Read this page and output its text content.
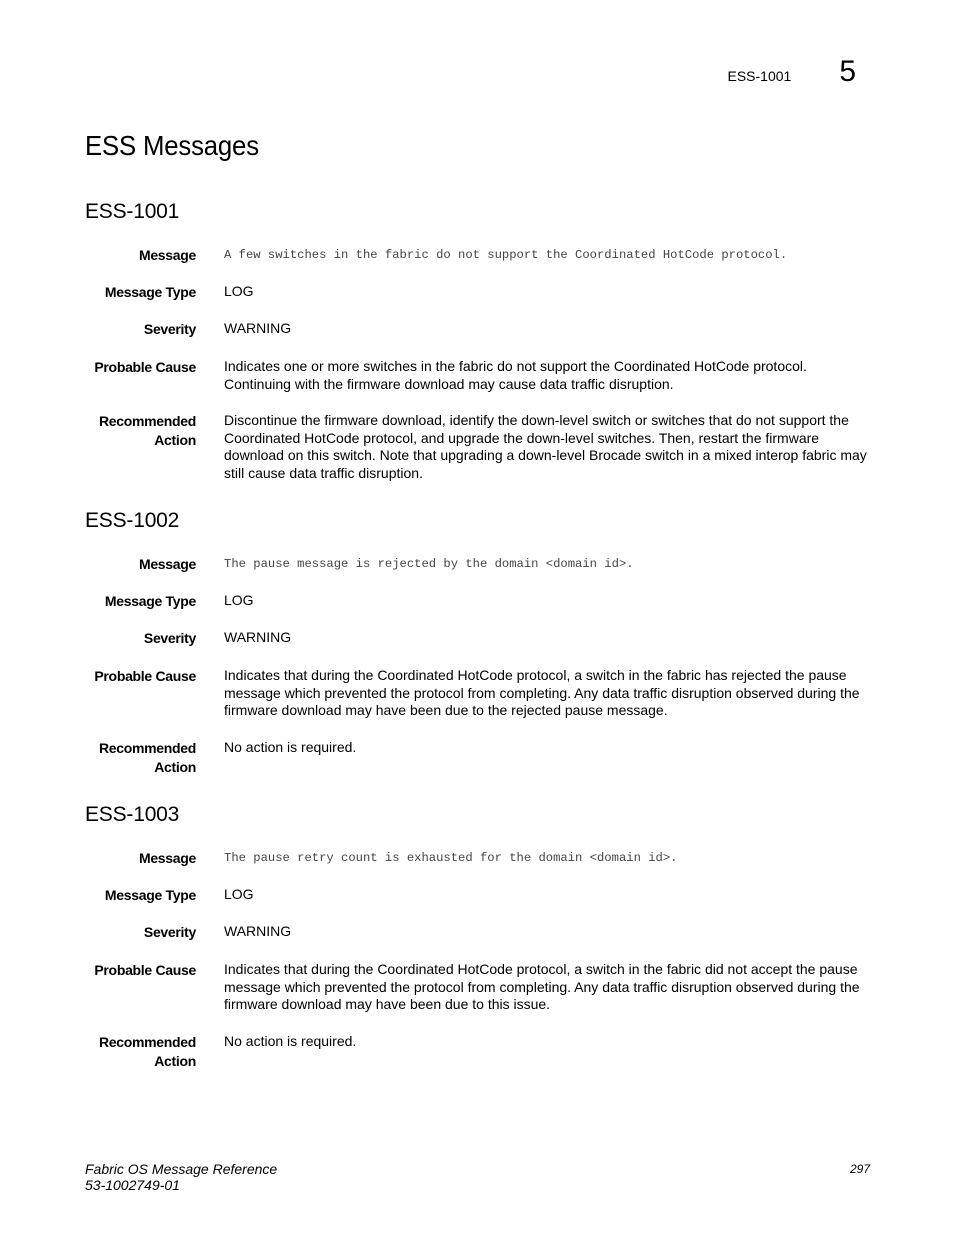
ESS-1001 5
ESS Messages
ESS-1001
Message A few switches in the fabric do not support the Coordinated HotCode protocol.
Message Type LOG
Severity WARNING
Probable Cause Indicates one or more switches in the fabric do not support the Coordinated HotCode protocol. Continuing with the firmware download may cause data traffic disruption.
Recommended
Action
Discontinue the firmware download, identify the down-level switch or switches that do not support the Coordinated HotCode protocol, and upgrade the down-level switches. Then, restart the firmware download on this switch. Note that upgrading a down-level Brocade switch in a mixed interop fabric may still cause data traffic disruption.
ESS-1002
Message The pause message is rejected by the domain <domain id>.
Message Type LOG
Severity WARNING
Probable Cause Indicates that during the Coordinated HotCode protocol, a switch in the fabric has rejected the pause message which prevented the protocol from completing. Any data traffic disruption observed during the firmware download may have been due to the rejected pause message.
Recommended
Action
No action is required.
ESS-1003
Message The pause retry count is exhausted for the domain <domain id>.
Message Type LOG
Severity WARNING
Probable Cause Indicates that during the Coordinated HotCode protocol, a switch in the fabric did not accept the pause message which prevented the protocol from completing. Any data traffic disruption observed during the firmware download may have been due to this issue.
Recommended
Action
No action is required.
Fabric OS Message Reference
53-1002749-01
297
